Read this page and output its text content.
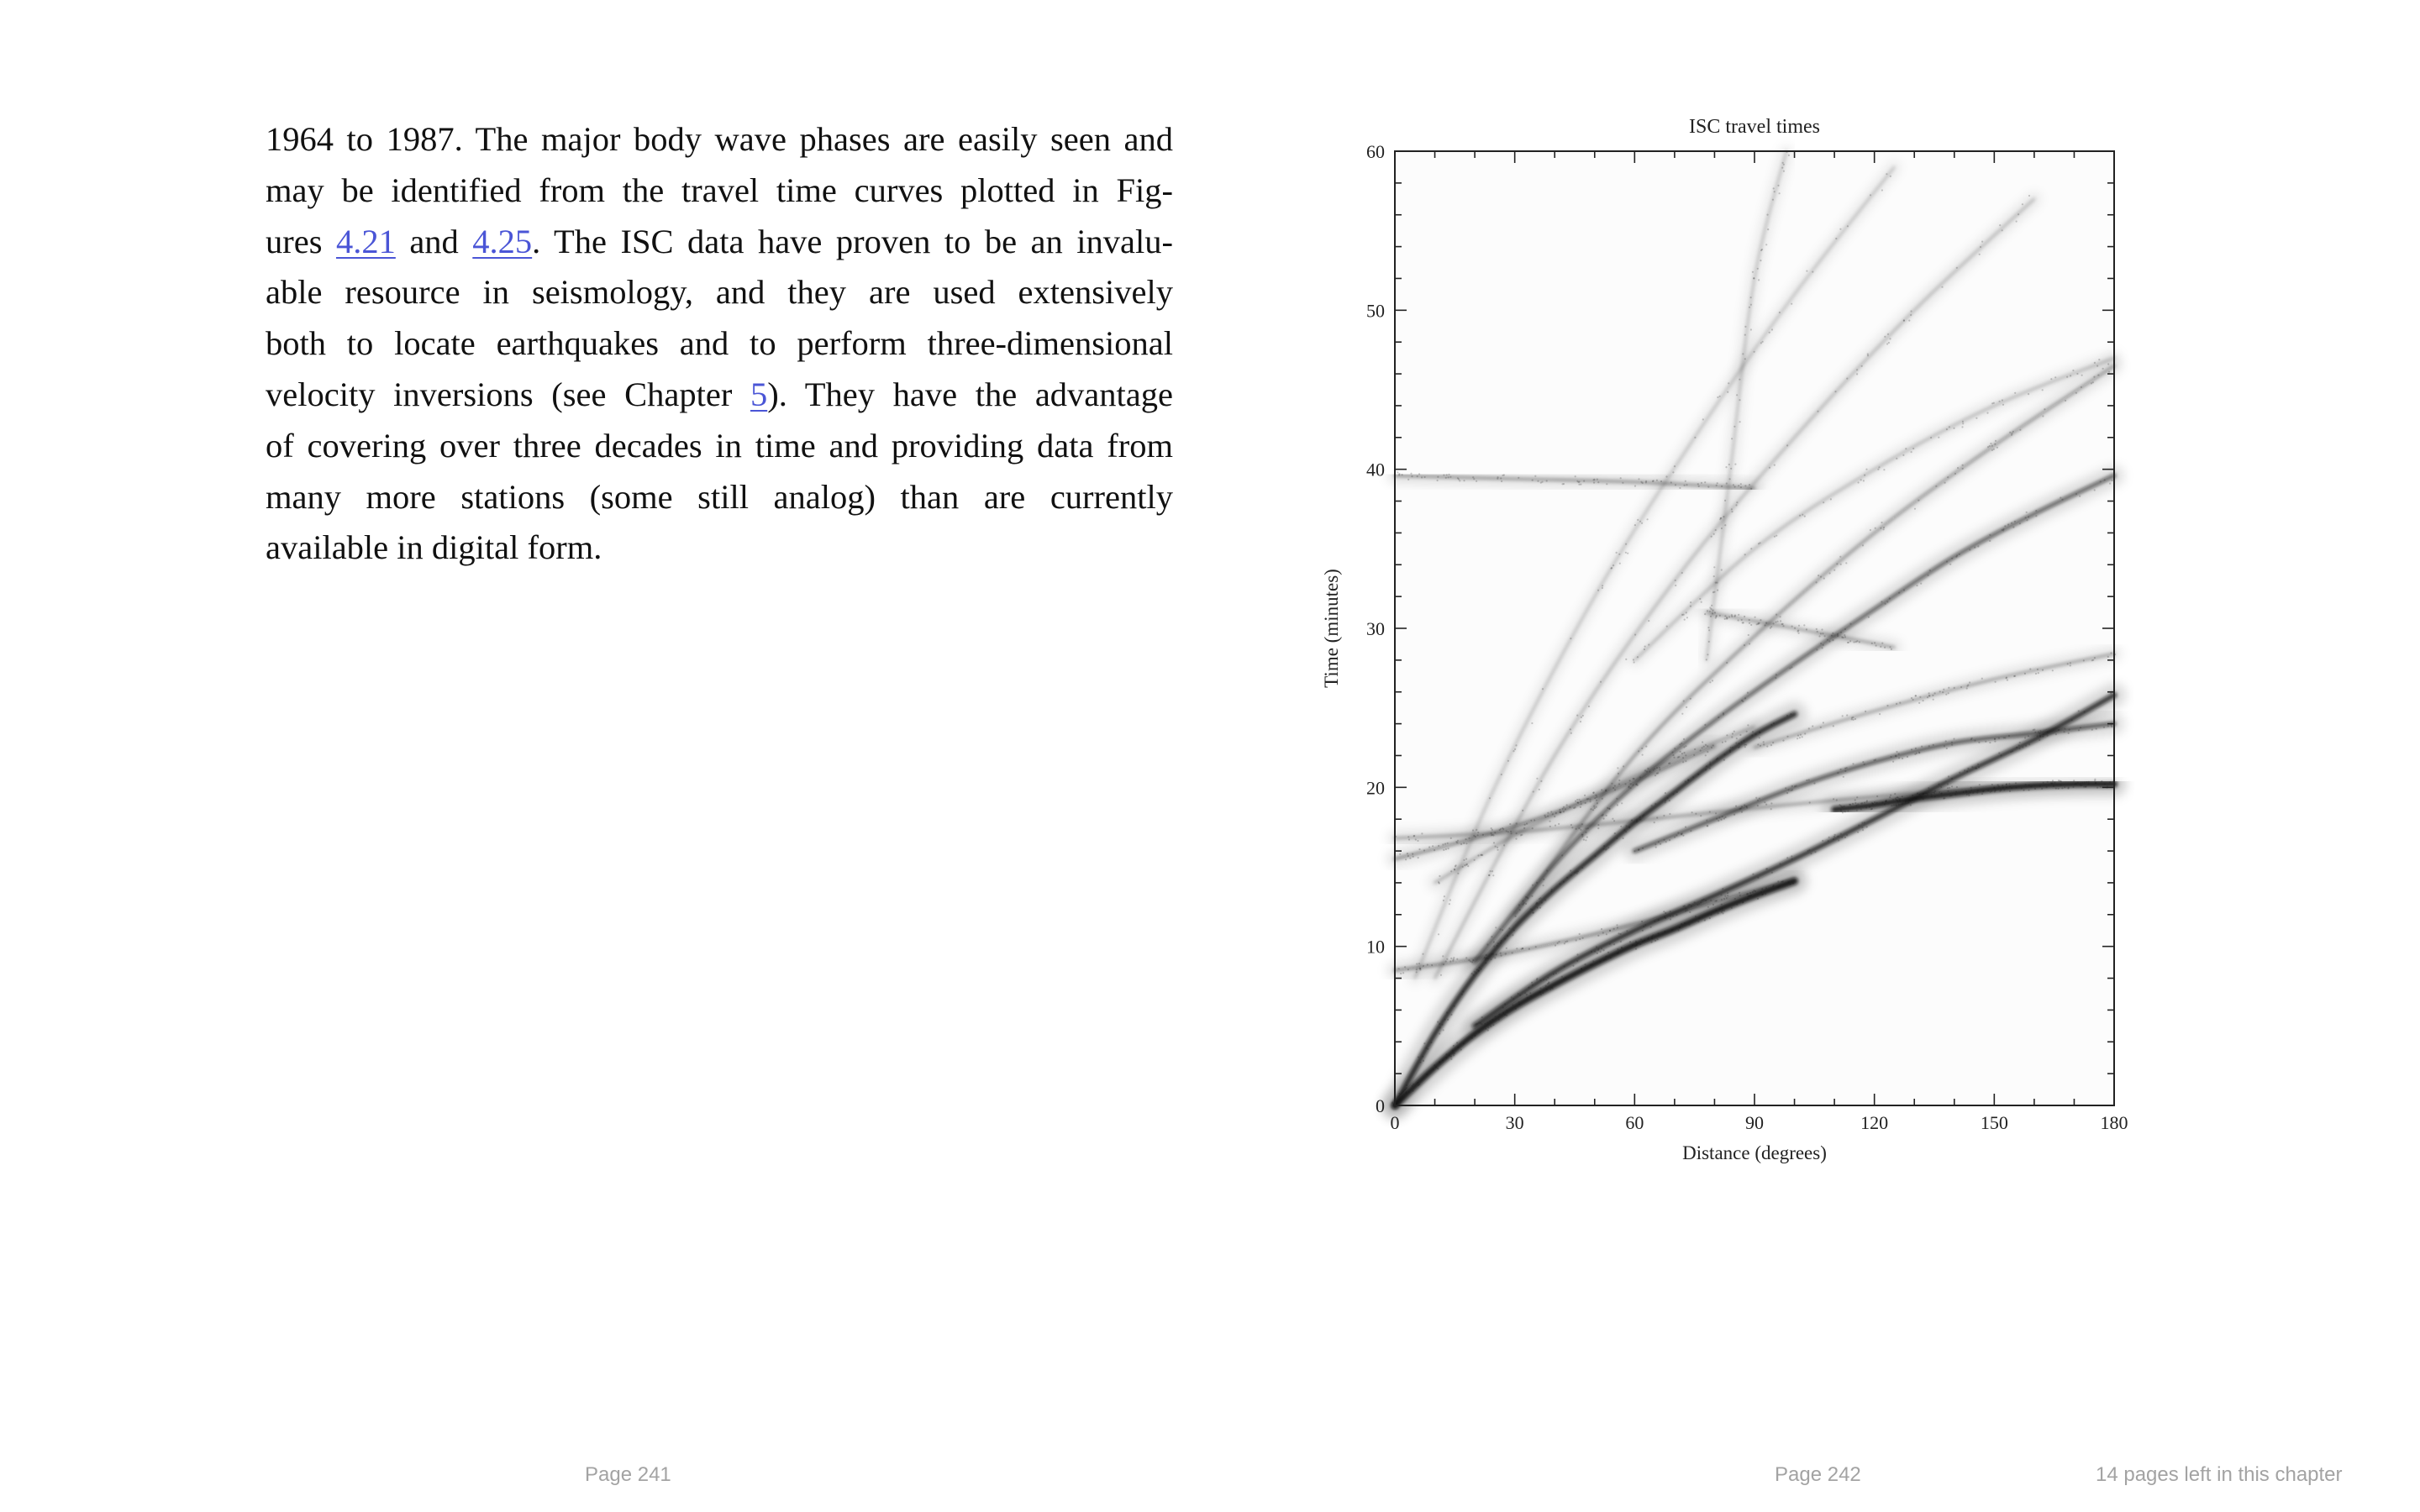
1964 to 1987. The major body wave phases are easily seen and
may be identified from the travel time curves plotted in Fig-
ures 4.21 and 4.25. The ISC data have proven to be an invalu-
able resource in seismology, and they are used extensively
both to locate earthquakes and to perform three-dimensional
velocity inversions (see Chapter 5). They have the advantage
of covering over three decades in time and providing data from
many more stations (some still analog) than are currently
available in digital form.
Page 241	Page 242	14 pages left in this chapter
0	30	60	90	120	150	180
0
10
20
30
40
50
60
ISC travel times
Distance (degrees)
Time (minutes)
